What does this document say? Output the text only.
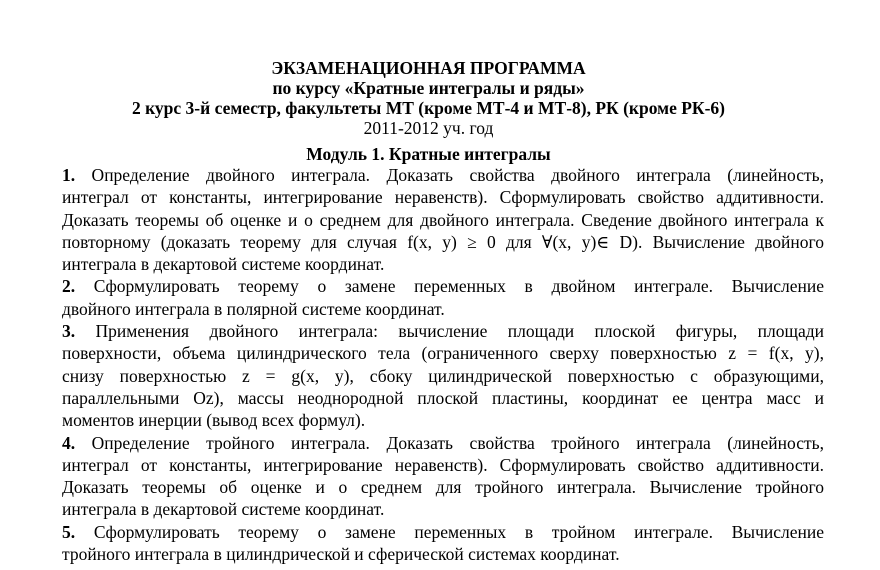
ЭКЗАМЕНАЦИОННАЯ ПРОГРАММА
по курсу «Кратные интегралы и ряды»
2 курс 3-й семестр, факультеты МТ (кроме МТ-4 и МТ-8), РК (кроме РК-6)
2011-2012 уч. год
Модуль 1. Кратные интегралы
1. Определение двойного интеграла. Доказать свойства двойного интеграла (линейность,
интеграл от константы, интегрирование неравенств). Сформулировать свойство аддитивности.
Доказать теоремы об оценке и о среднем для двойного интеграла. Сведение двойного интеграла к
повторному (доказать теорему для случая f(x, y) ≥ 0 для ∀(x, y)∈ D). Вычисление двойного
интеграла в декартовой системе координат.
2. Сформулировать теорему о замене переменных в двойном интеграле. Вычисление
двойного интеграла в полярной системе координат.
3. Применения двойного интеграла: вычисление площади плоской фигуры, площади
поверхности, объема цилиндрического тела (ограниченного сверху поверхностью z = f(x, y),
снизу поверхностью z = g(x, y), сбоку цилиндрической поверхностью с образующими,
параллельными Oz), массы неоднородной плоской пластины, координат ее центра масс и
моментов инерции (вывод всех формул).
4. Определение тройного интеграла. Доказать свойства тройного интеграла (линейность,
интеграл от константы, интегрирование неравенств). Сформулировать свойство аддитивности.
Доказать теоремы об оценке и о среднем для тройного интеграла. Вычисление тройного
интеграла в декартовой системе координат.
5. Сформулировать теорему о замене переменных в тройном интеграле. Вычисление
тройного интеграла в цилиндрической и сферической системах координат.
